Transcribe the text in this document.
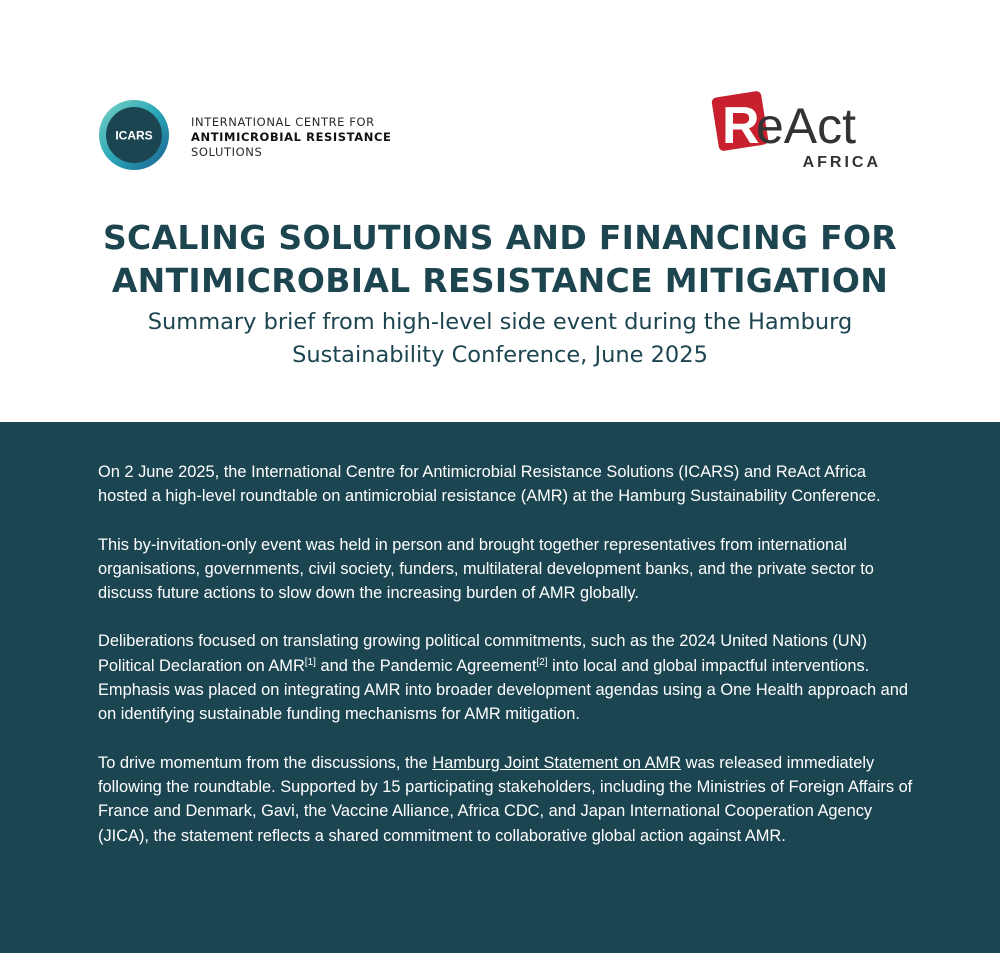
ICARS
INTERNATIONAL CENTRE FOR
ANTIMICROBIAL RESISTANCE
SOLUTIONS	R
eAct
AFRICA
SCALING SOLUTIONS AND FINANCING FOR
ANTIMICROBIAL RESISTANCE MITIGATION
Summary brief from high-level side event during the Hamburg
Sustainability Conference, June 2025

On 2 June 2025, the International Centre for Antimicrobial Resistance Solutions (ICARS) and ReAct Africa hosted a high-level roundtable on antimicrobial resistance (AMR) at the Hamburg Sustainability Conference.

This by-invitation-only event was held in person and brought together representatives from international organisations, governments, civil society, funders, multilateral development banks, and the private sector to discuss future actions to slow down the increasing burden of AMR globally.

Deliberations focused on translating growing political commitments, such as the 2024 United Nations (UN) Political Declaration on AMR[1] and the Pandemic Agreement[2] into local and global impactful interventions. Emphasis was placed on integrating AMR into broader development agendas using a One Health approach and on identifying sustainable funding mechanisms for AMR mitigation.

To drive momentum from the discussions, the Hamburg Joint Statement on AMR was released immediately following the roundtable. Supported by 15 participating stakeholders, including the Ministries of Foreign Affairs of France and Denmark, Gavi, the Vaccine Alliance, Africa CDC, and Japan International Cooperation Agency (JICA), the statement reflects a shared commitment to collaborative global action against AMR.
